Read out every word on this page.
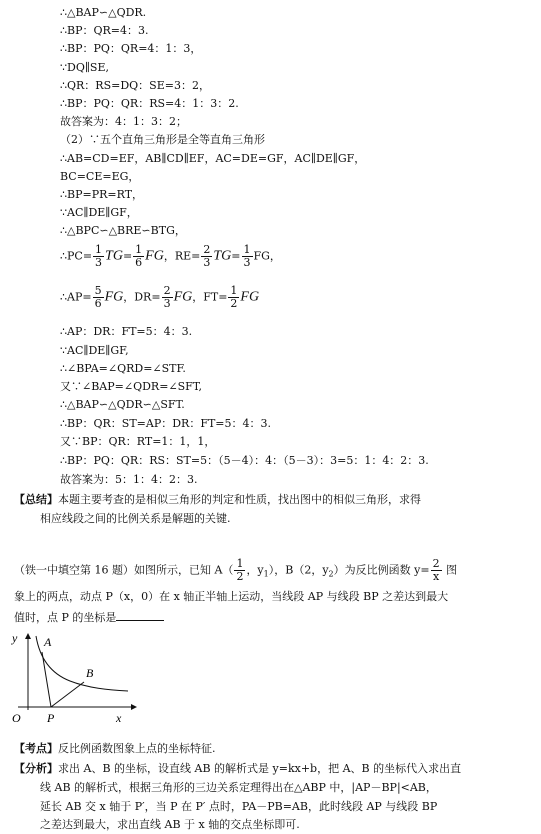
∴△BAP∽△QDR.
∴BP：QR=4：3.
∴BP：PQ：QR=4：1：3，
∵DQ∥SE,
∴QR：RS=DQ：SE=3：2，
∴BP：PQ：QR：RS=4：1：3：2.
故答案为：4：1：3：2；
（2）∵五个直角三角形是全等直角三角形
∴AB=CD=EF，AB∥CD∥EF，AC=DE=GF，AC∥DE∥GF，
BC=CE=EG，
∴BP=PR=RT，
∵AC∥DE∥GF，
∴△BPC∽△BRE∽BTG，
∴PC= $\frac{1}{3} TG= \frac{1}{6}$ FG，$RE= \frac{2}{3} TG= \frac{1}{3}$ FG，
∴AP= $\frac{5}{6}$ FG，$DR= \frac{2}{3}$ FG，$FT= \frac{1}{2}$ FG
∴AP：DR：FT=5：4：3.
∵AC∥DE∥GF,
∴∠BPA=∠QRD=∠STF.
又∵∠BAP=∠QDR=∠SFT,
∴△BAP∽△QDR∽△SFT.
∴BP：QR：ST=AP：DR：FT=5：4：3.
又∵BP：QR：RT=1：1，1，
∴BP：PQ：QR：RS：ST=5：（5－4）：4：（5－3）：3=5：1：4：2：3.
故答案为：5：1：4：2：3.
【总结】本题主要考查的是相似三角形的判定和性质，找出图中的相似三角形，求得
相应线段之间的比例关系是解题的关键.
（铁一中填空第 16 题）如图所示，已知 $A( \frac{1}{2}$ ，$y_1$），B（2，$y_2$）为反比例函数 $y= \frac{2}{x}$ 图
象上的两点，动点 P（x，0）在 x 轴正半轴上运动，当线段 AP 与线段 BP 之差达到最大
值时，点 P 的坐标是
y A
B
O P	x
【考点】反比例函数图象上点的坐标特征.
【分析】求出 A、B 的坐标，设直线 AB 的解析式是 y=kx+b，把 A、B 的坐标代入求出直
线 AB 的解析式，根据三角形的三边关系定理得出在△ABP 中，|AP－BP|<AB，
延长 AB 交 x 轴于 P′，当 P 在 P′ 点时，PA－PB=AB，此时线段 AP 与线段 BP
之差达到最大，求出直线 AB 于 x 轴的交点坐标即可.
